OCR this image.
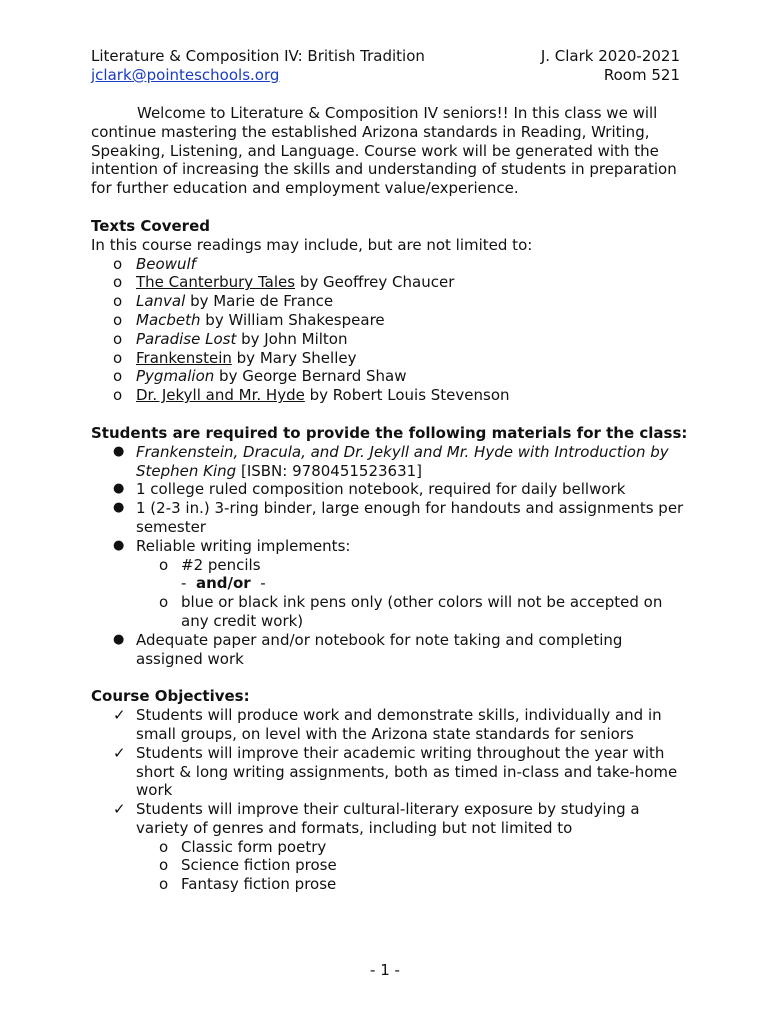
Literature & Composition IV: British Tradition	J. Clark 2020-2021
jclark@pointeschools.org	Room 521

Welcome to Literature & Composition IV seniors!! In this class we will continue mastering the established Arizona standards in Reading, Writing, Speaking, Listening, and Language. Course work will be generated with the intention of increasing the skills and understanding of students in preparation for further education and employment value/experience.

Texts Covered
In this course readings may include, but are not limited to:
o Beowulf
o The Canterbury Tales by Geoffrey Chaucer
o Lanval by Marie de France
o Macbeth by William Shakespeare
o Paradise Lost by John Milton
o Frankenstein by Mary Shelley
o Pygmalion by George Bernard Shaw
o Dr. Jekyll and Mr. Hyde by Robert Louis Stevenson
Students are required to provide the following materials for the class:
● Frankenstein, Dracula, and Dr. Jekyll and Mr. Hyde with Introduction by Stephen King [ISBN: 9780451523631]
● 1 college ruled composition notebook, required for daily bellwork
● 1 (2-3 in.) 3-ring binder, large enough for handouts and assignments per semester
● Reliable writing implements:
o #2 pencils
- and/or -
o blue or black ink pens only (other colors will not be accepted on any credit work)
● Adequate paper and/or notebook for note taking and completing assigned work
Course Objectives:
✓ Students will produce work and demonstrate skills, individually and in small groups, on level with the Arizona state standards for seniors
✓ Students will improve their academic writing throughout the year with short & long writing assignments, both as timed in-class and take-home work
✓ Students will improve their cultural-literary exposure by studying a variety of genres and formats, including but not limited to
o Classic form poetry
o Science fiction prose
o Fantasy fiction prose
- 1 -
